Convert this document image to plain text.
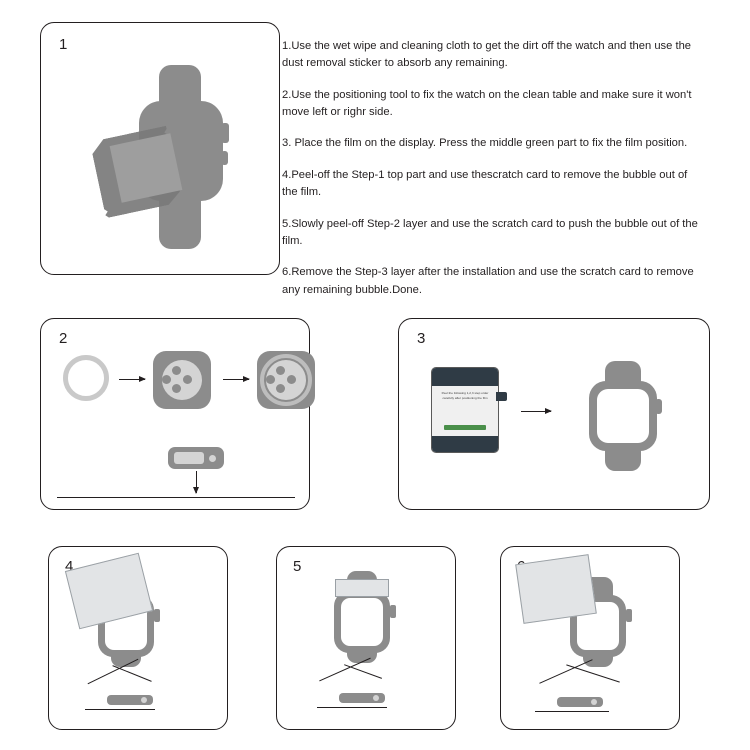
1	1.Use the wet wipe and cleaning cloth to get the dirt off the watch and then use the dust removal sticker to absorb any remaining.

2.Use the positioning tool to fix the watch on the clean table and make sure it won't move left or righr side.

3. Place the film on the display. Press the middle green part to fix the film position.

4.Peel-off the Step-1 top part and use thescratch card to remove the bubble out of the film.

5.Slowly peel-off Step-2 layer and use the scratch card to push the bubble out of the film.

6.Remove the Step-3 layer after the installation and use the scratch card to remove any remaining bubble.Done.

2	3
Peel the following 1,2,3 step order carefully after positioning the film
4	5
